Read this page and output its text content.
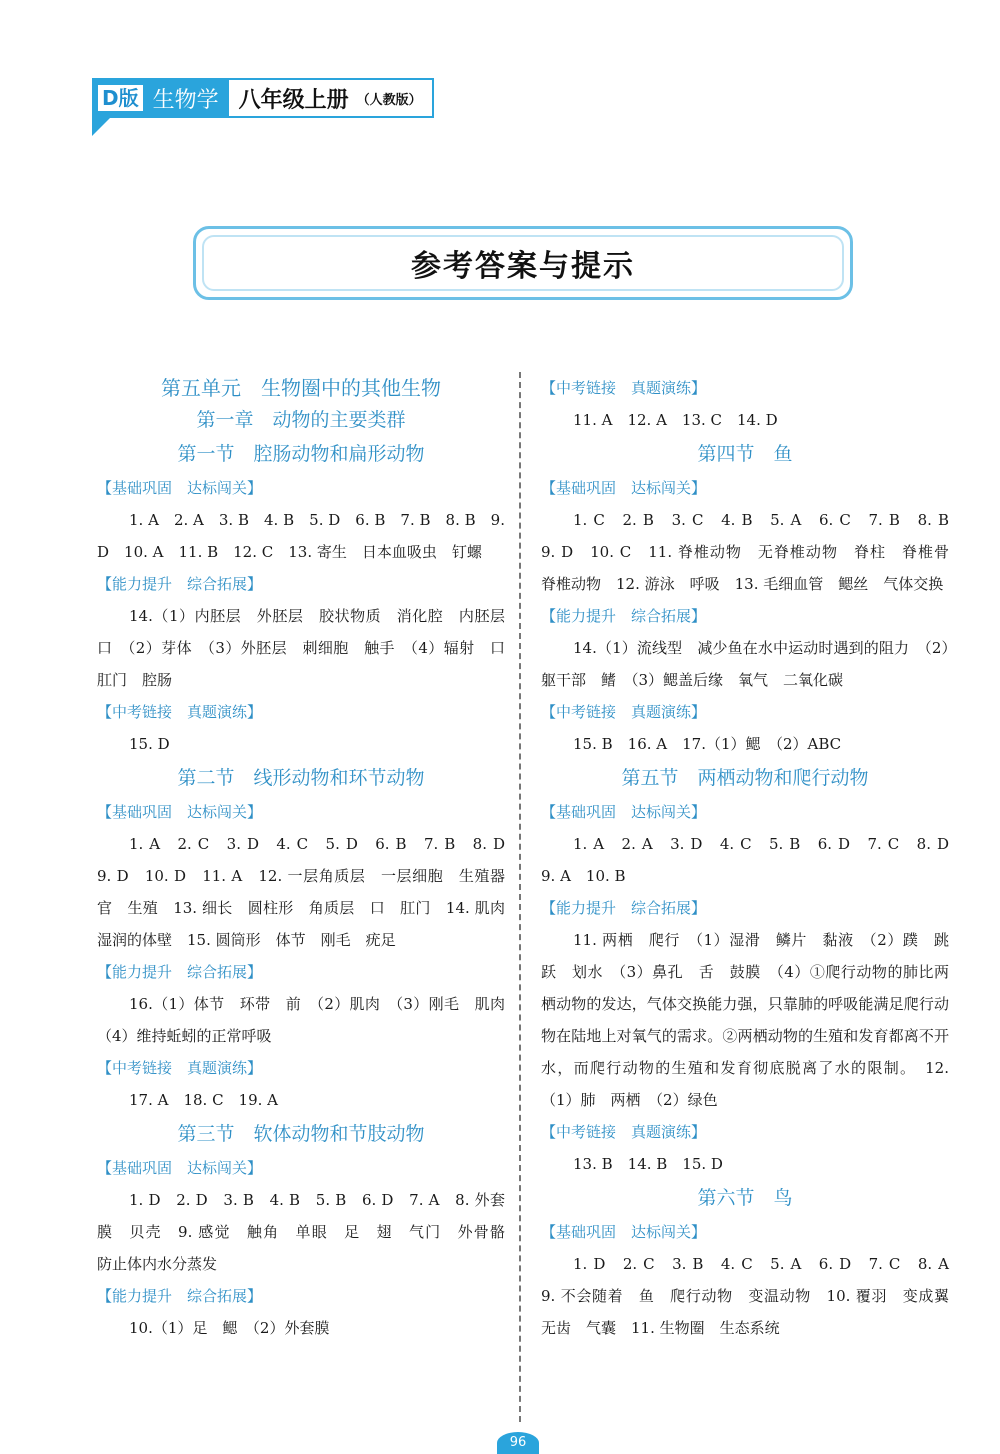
D版 生物学 八年级上册 （人教版）
参考答案与提示
第五单元　生物圈中的其他生物
第一章　动物的主要类群
第一节　腔肠动物和扁形动物
【基础巩固　达标闯关】
1. A　2. A　3. B　4. B　5. D　6. B　7. B　8. B　9. D　10. A　11. B　12. C　13. 寄生　日本血吸虫　钉螺
【能力提升　综合拓展】
14.（1）内胚层　外胚层　胶状物质　消化腔　内胚层　口　（2）芽体　（3）外胚层　刺细胞　触手　（4）辐射　口　肛门　腔肠
【中考链接　真题演练】
15. D
第二节　线形动物和环节动物
【基础巩固　达标闯关】
1. A　2. C　3. D　4. C　5. D　6. B　7. B　8. D　9. D　10. D　11. A　12. 一层角质层　一层细胞　生殖器官　生殖　13. 细长　圆柱形　角质层　口　肛门　14. 肌肉　湿润的体壁　15. 圆筒形　体节　刚毛　疣足
【能力提升　综合拓展】
16.（1）体节　环带　前　（2）肌肉　（3）刚毛　肌肉　（4）维持蚯蚓的正常呼吸
【中考链接　真题演练】
17. A　18. C　19. A
第三节　软体动物和节肢动物
【基础巩固　达标闯关】
1. D　2. D　3. B　4. B　5. B　6. D　7. A　8. 外套膜　贝壳　9. 感觉　触角　单眼　足　翅　气门　外骨骼　防止体内水分蒸发
【能力提升　综合拓展】
10.（1）足　鳃　（2）外套膜
【中考链接　真题演练】
11. A　12. A　13. C　14. D
第四节　鱼
【基础巩固　达标闯关】
1. C　2. B　3. C　4. B　5. A　6. C　7. B　8. B　9. D　10. C　11. 脊椎动物　无脊椎动物　脊柱　脊椎骨　脊椎动物　12. 游泳　呼吸　13. 毛细血管　鳃丝　气体交换
【能力提升　综合拓展】
14.（1）流线型　减少鱼在水中运动时遇到的阻力　（2）躯干部　鳍　（3）鳃盖后缘　氧气　二氧化碳
【中考链接　真题演练】
15. B　16. A　17.（1）鳃　（2）ABC
第五节　两栖动物和爬行动物
【基础巩固　达标闯关】
1. A　2. A　3. D　4. C　5. B　6. D　7. C　8. D　9. A　10. B
【能力提升　综合拓展】
11. 两栖　爬行　（1）湿滑　鳞片　黏液　（2）蹼　跳跃　划水　（3）鼻孔　舌　鼓膜　（4）①爬行动物的肺比两栖动物的发达，气体交换能力强，只靠肺的呼吸能满足爬行动物在陆地上对氧气的需求。②两栖动物的生殖和发育都离不开水，而爬行动物的生殖和发育彻底脱离了水的限制。　12.（1）肺　两栖　（2）绿色
【中考链接　真题演练】
13. B　14. B　15. D
第六节　鸟
【基础巩固　达标闯关】
1. D　2. C　3. B　4. C　5. A　6. D　7. C　8. A　9. 不会随着　鱼　爬行动物　变温动物　10. 覆羽　变成翼　无齿　气囊　11. 生物圈　生态系统
96
